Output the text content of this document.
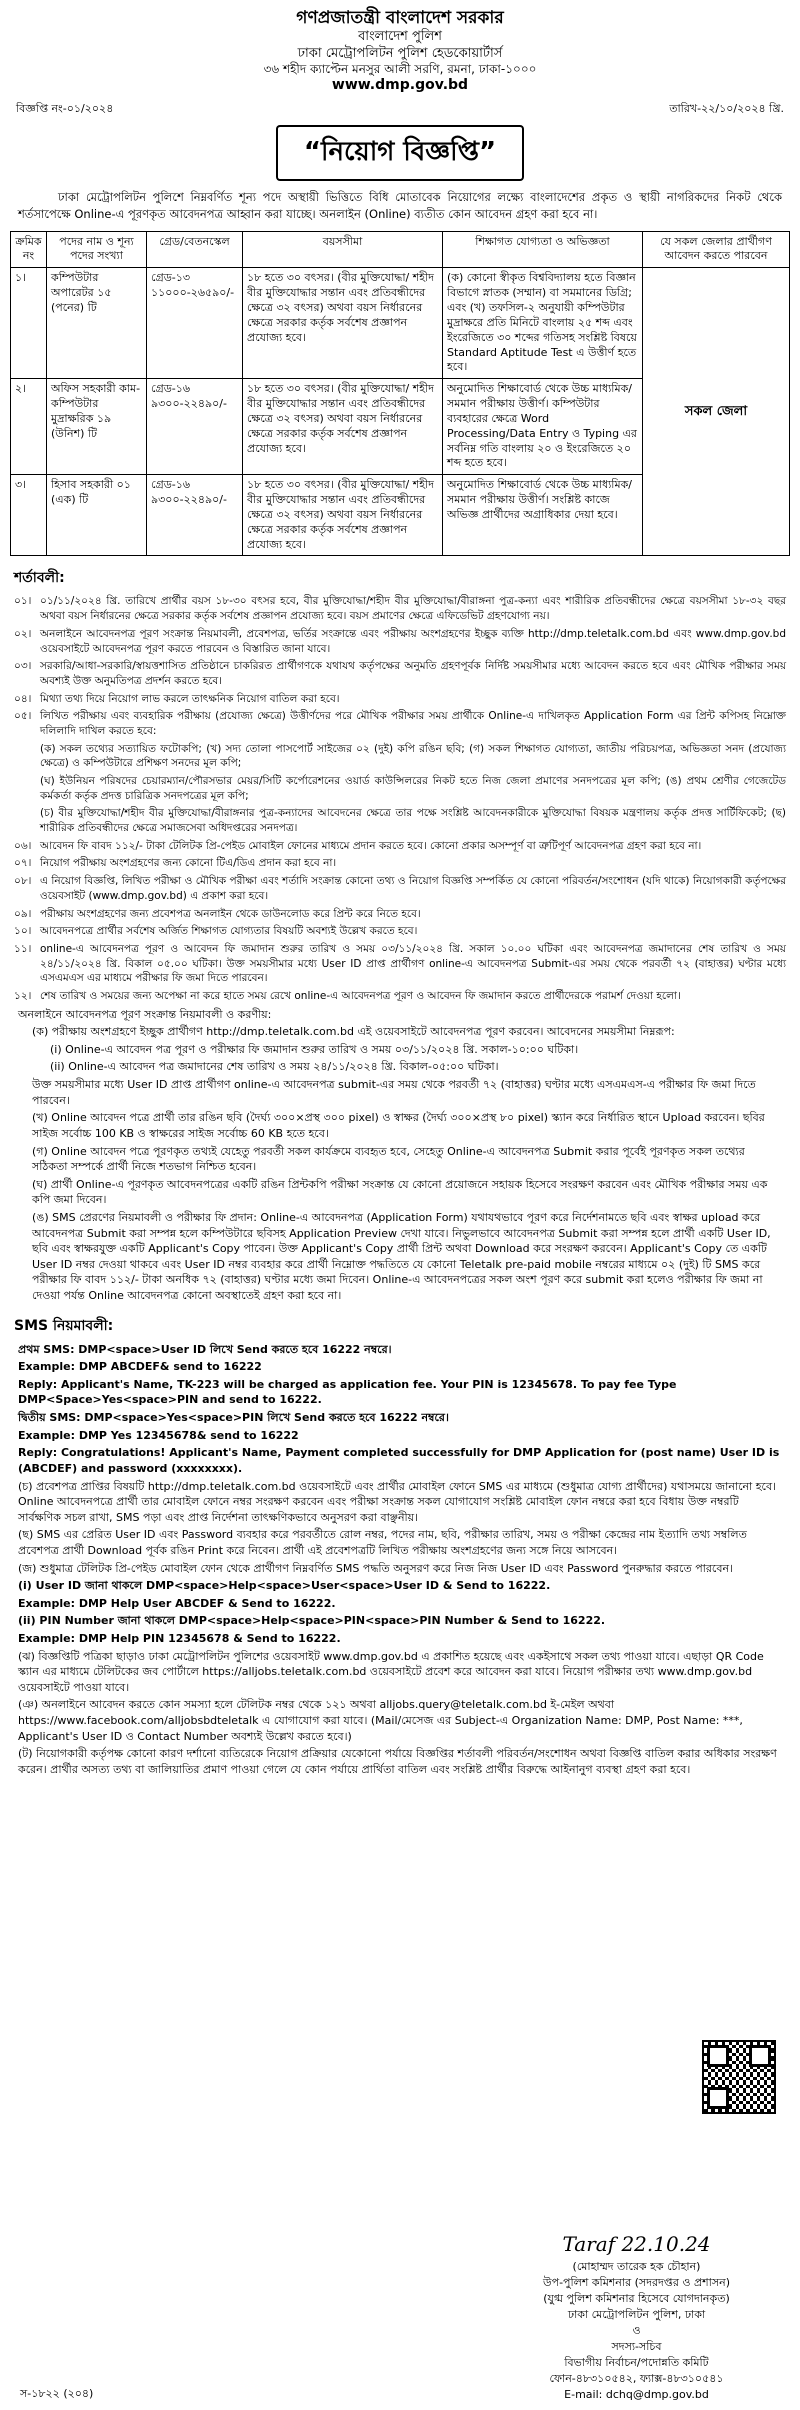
গণপ্রজাতন্ত্রী বাংলাদেশ সরকার
বাংলাদেশ পুলিশ
ঢাকা মেট্রোপলিটন পুলিশ হেডকোয়ার্টার্স
৩৬ শহীদ ক্যাপ্টেন মনসুর আলী সরণি, রমনা, ঢাকা-১০০০
www.dmp.gov.bd
বিজ্ঞপ্তি নং-০১/২০২৪	তারিখ-২২/১০/২০২৪ খ্রি.
“নিয়োগ বিজ্ঞপ্তি”

ঢাকা মেট্রোপলিটন পুলিশে নিম্নবর্ণিত শূন্য পদে অস্থায়ী ভিত্তিতে বিধি মোতাবেক নিয়োগের লক্ষ্যে বাংলাদেশের প্রকৃত ও স্থায়ী নাগরিকদের নিকট থেকে শর্তসাপেক্ষে Online-এ পূরণকৃত আবেদনপত্র আহ্বান করা যাচ্ছে। অনলাইন (Online) ব্যতীত কোন আবেদন গ্রহণ করা হবে না।

ক্রমিক নং	পদের নাম ও শূন্য পদের সংখ্যা	গ্রেড/বেতনস্কেল	বয়সসীমা	শিক্ষাগত যোগ্যতা ও অভিজ্ঞতা	যে সকল জেলার প্রার্থীগণ আবেদন করতে পারবেন
১।	কম্পিউটার অপারেটর ১৫ (পনের) টি	গ্রেড-১৩ ১১০০০-২৬৫৯০/-	১৮ হতে ৩০ বৎসর। (বীর মুক্তিযোদ্ধা/ শহীদ বীর মুক্তিযোদ্ধার সন্তান এবং প্রতিবন্ধীদের ক্ষেত্রে ৩২ বৎসর) অথবা বয়স নির্ধারনের ক্ষেত্রে সরকার কর্তৃক সর্বশেষ প্রজ্ঞাপন প্রযোজ্য হবে।	(ক) কোনো স্বীকৃত বিশ্ববিদ্যালয় হতে বিজ্ঞান বিভাগে স্নাতক (সম্মান) বা সমমানের ডিগ্রি; এবং (খ) তফসিল-২ অনুযায়ী কম্পিউটার মুদ্রাক্ষরে প্রতি মিনিটে বাংলায় ২৫ শব্দ এবং ইংরেজিতে ৩০ শব্দের গতিসহ সংশ্লিষ্ট বিষয়ে Standard Aptitude Test এ উত্তীর্ণ হতে হবে।	সকল জেলা
২।	অফিস সহকারী কাম-কম্পিউটার মুদ্রাক্ষরিক ১৯ (উনিশ) টি	গ্রেড-১৬ ৯৩০০-২২৪৯০/-	১৮ হতে ৩০ বৎসর। (বীর মুক্তিযোদ্ধা/ শহীদ বীর মুক্তিযোদ্ধার সন্তান এবং প্রতিবন্ধীদের ক্ষেত্রে ৩২ বৎসর) অথবা বয়স নির্ধারনের ক্ষেত্রে সরকার কর্তৃক সর্বশেষ প্রজ্ঞাপন প্রযোজ্য হবে।	অনুমোদিত শিক্ষাবোর্ড থেকে উচ্চ মাধ্যমিক/সমমান পরীক্ষায় উত্তীর্ণ। কম্পিউটার ব্যবহারের ক্ষেত্রে Word Processing/Data Entry ও Typing এর সর্বনিম্ন গতি বাংলায় ২০ ও ইংরেজিতে ২০ শব্দ হতে হবে।	
৩।	হিসাব সহকারী ০১ (এক) টি	গ্রেড-১৬ ৯৩০০-২২৪৯০/-	১৮ হতে ৩০ বৎসর। (বীর মুক্তিযোদ্ধা/ শহীদ বীর মুক্তিযোদ্ধার সন্তান এবং প্রতিবন্ধীদের ক্ষেত্রে ৩২ বৎসর) অথবা বয়স নির্ধারনের ক্ষেত্রে সরকার কর্তৃক সর্বশেষ প্রজ্ঞাপন প্রযোজ্য হবে।	অনুমোদিত শিক্ষাবোর্ড থেকে উচ্চ মাধ্যমিক/সমমান পরীক্ষায় উত্তীর্ণ। সংশ্লিষ্ট কাজে অভিজ্ঞ প্রার্থীদের অগ্রাধিকার দেয়া হবে।	
শর্তাবলী:
০১। ০১/১১/২০২৪ খ্রি. তারিখে প্রার্থীর বয়স ১৮-৩০ বৎসর হবে, বীর মুক্তিযোদ্ধা/শহীদ বীর মুক্তিযোদ্ধা/বীরাঙ্গনা পুত্র-কন্যা এবং শারীরিক প্রতিবন্ধীদের ক্ষেত্রে বয়সসীমা ১৮-৩২ বছর অথবা বয়স নির্ধারনের ক্ষেত্রে সরকার কর্তৃক সর্বশেষ প্রজ্ঞাপন প্রযোজ্য হবে। বয়স প্রমাণের ক্ষেত্রে এফিডেভিট গ্রহণযোগ্য নয়।
০২। অনলাইনে আবেদনপত্র পূরণ সংক্রান্ত নিয়মাবলী, প্রবেশপত্র, ভর্তির সংক্রান্তে এবং পরীক্ষায় অংশগ্রহণের ইচ্ছুক ব্যক্তি http://dmp.teletalk.com.bd এবং www.dmp.gov.bd ওয়েবসাইটে আবেদনপত্র পূরণ করতে পারবেন ও বিস্তারিত জানা যাবে।
০৩। সরকারি/আধা-সরকারি/স্বায়ত্তশাসিত প্রতিষ্ঠানে চাকরিরত প্রার্থীগণকে যথাযথ কর্তৃপক্ষের অনুমতি গ্রহণপূর্বক নির্দিষ্ট সময়সীমার মধ্যে আবেদন করতে হবে এবং মৌখিক পরীক্ষার সময় অবশ্যই উক্ত অনুমতিপত্র প্রদর্শন করতে হবে।
০৪। মিথ্যা তথ্য দিয়ে নিয়োগ লাভ করলে তাৎক্ষনিক নিয়োগ বাতিল করা হবে।
০৫। লিখিত পরীক্ষায় এবং ব্যবহারিক পরীক্ষায় (প্রযোজ্য ক্ষেত্রে) উত্তীর্ণদের পরে মৌখিক পরীক্ষার সময় প্রার্থীকে Online-এ দাখিলকৃত Application Form এর প্রিন্ট কপিসহ নিম্নোক্ত দলিলাদি দাখিল করতে হবে:
(ক) সকল তথ্যের সত্যায়িত ফটোকপি; (খ) সদ্য তোলা পাসপোর্ট সাইজের ০২ (দুই) কপি রঙিন ছবি; (গ) সকল শিক্ষাগত যোগ্যতা, জাতীয় পরিচয়পত্র, অভিজ্ঞতা সনদ (প্রযোজ্য ক্ষেত্রে) ও কম্পিউটারে প্রশিক্ষণ সনদের মূল কপি;
(ঘ) ইউনিয়ন পরিষদের চেয়ারম্যান/পৌরসভার মেয়র/সিটি কর্পোরেশনের ওয়ার্ড কাউন্সিলরের নিকট হতে নিজ জেলা প্রমাণের সনদপত্রের মূল কপি; (ঙ) প্রথম শ্রেণীর গেজেটেড কর্মকর্তা কর্তৃক প্রদত্ত চারিত্রিক সনদপত্রের মূল কপি;
(চ) বীর মুক্তিযোদ্ধা/শহীদ বীর মুক্তিযোদ্ধা/বীরাঙ্গনার পুত্র-কন্যাদের আবেদনের ক্ষেত্রে তার পক্ষে সংশ্লিষ্ট আবেদনকারীকে মুক্তিযোদ্ধা বিষয়ক মন্ত্রণালয় কর্তৃক প্রদত্ত সার্টিফিকেট; (ছ) শারীরিক প্রতিবন্ধীদের ক্ষেত্রে সমাজসেবা অধিদপ্তরের সনদপত্র।
০৬। আবেদন ফি বাবদ ১১২/- টাকা টেলিটক প্রি-পেইড মোবাইল ফোনের মাধ্যমে প্রদান করতে হবে। কোনো প্রকার অসম্পূর্ণ বা ত্রুটিপূর্ণ আবেদনপত্র গ্রহণ করা হবে না।
০৭। নিয়োগ পরীক্ষায় অংশগ্রহণের জন্য কোনো টিএ/ডিএ প্রদান করা হবে না।
০৮। এ নিয়োগ বিজ্ঞপ্তি, লিখিত পরীক্ষা ও মৌখিক পরীক্ষা এবং শর্তাদি সংক্রান্ত কোনো তথ্য ও নিয়োগ বিজ্ঞপ্তি সম্পর্কিত যে কোনো পরিবর্তন/সংশোধন (যদি থাকে) নিয়োগকারী কর্তৃপক্ষের ওয়েবসাইট (www.dmp.gov.bd) এ প্রকাশ করা হবে।
০৯। পরীক্ষায় অংশগ্রহণের জন্য প্রবেশপত্র অনলাইন থেকে ডাউনলোড করে প্রিন্ট করে নিতে হবে।
১০। আবেদনপত্রে প্রার্থীর সর্বশেষ অর্জিত শিক্ষাগত যোগ্যতার বিষয়টি অবশ্যই উল্লেখ করতে হবে।
১১। online-এ আবেদনপত্র পূরণ ও আবেদন ফি জমাদান শুরুর তারিখ ও সময় ০৩/১১/২০২৪ খ্রি. সকাল ১০.০০ ঘটিকা এবং আবেদনপত্র জমাদানের শেষ তারিখ ও সময় ২৪/১১/২০২৪ খ্রি. বিকাল ০৫.০০ ঘটিকা। উক্ত সময়সীমার মধ্যে User ID প্রাপ্ত প্রার্থীগণ online-এ আবেদনপত্র Submit-এর সময় থেকে পরবর্তী ৭২ (বাহাত্তর) ঘণ্টার মধ্যে এসএমএস এর মাধ্যমে পরীক্ষার ফি জমা দিতে পারবেন।
১২। শেষ তারিখ ও সময়ের জন্য অপেক্ষা না করে হাতে সময় রেখে online-এ আবেদনপত্র পূরণ ও আবেদন ফি জমাদান করতে প্রার্থীদেরকে পরামর্শ দেওয়া হলো।
অনলাইনে আবেদনপত্র পূরণ সংক্রান্ত নিয়মাবলী ও করণীয়:
(ক) পরীক্ষায় অংশগ্রহণে ইচ্ছুক প্রার্থীগণ http://dmp.teletalk.com.bd এই ওয়েবসাইটে আবেদনপত্র পূরণ করবেন। আবেদনের সময়সীমা নিম্নরূপ:
(i) Online-এ আবেদন পত্র পূরণ ও পরীক্ষার ফি জমাদান শুরুর তারিখ ও সময় ০৩/১১/২০২৪ খ্রি. সকাল-১০:০০ ঘটিকা।
(ii) Online-এ আবেদন পত্র জমাদানের শেষ তারিখ ও সময় ২৪/১১/২০২৪ খ্রি. বিকাল-০৫:০০ ঘটিকা।
উক্ত সময়সীমার মধ্যে User ID প্রাপ্ত প্রার্থীগণ online-এ আবেদনপত্র submit-এর সময় থেকে পরবর্তী ৭২ (বাহাত্তর) ঘণ্টার মধ্যে এসএমএস-এ পরীক্ষার ফি জমা দিতে পারবেন।
(খ) Online আবেদন পত্রে প্রার্থী তার রঙিন ছবি (দৈর্ঘ্য ৩০০×প্রস্থ ৩০০ pixel) ও স্বাক্ষর (দৈর্ঘ্য ৩০০×প্রস্থ ৮০ pixel) স্ক্যান করে নির্ধারিত স্থানে Upload করবেন। ছবির সাইজ সর্বোচ্চ 100 KB ও স্বাক্ষরের সাইজ সর্বোচ্চ 60 KB হতে হবে।
(গ) Online আবেদন পত্রে পূরণকৃত তথ্যই যেহেতু পরবর্তী সকল কার্যক্রমে ব্যবহৃত হবে, সেহেতু Online-এ আবেদনপত্র Submit করার পূর্বেই পূরণকৃত সকল তথ্যের সঠিকতা সম্পর্কে প্রার্থী নিজে শতভাগ নিশ্চিত হবেন।
(ঘ) প্রার্থী Online-এ পূরণকৃত আবেদনপত্রের একটি রঙিন প্রিন্টকপি পরীক্ষা সংক্রান্ত যে কোনো প্রয়োজনে সহায়ক হিসেবে সংরক্ষণ করবেন এবং মৌখিক পরীক্ষার সময় এক কপি জমা দিবেন।
(ঙ) SMS প্রেরণের নিয়মাবলী ও পরীক্ষার ফি প্রদান: Online-এ আবেদনপত্র (Application Form) যথাযথভাবে পূরণ করে নির্দেশনামতে ছবি এবং স্বাক্ষর upload করে আবেদনপত্র Submit করা সম্পন্ন হলে কম্পিউটারে ছবিসহ Application Preview দেখা যাবে। নিভুলভাবে আবেদনপত্র Submit করা সম্পন্ন হলে প্রার্থী একটি User ID, ছবি এবং স্বাক্ষরযুক্ত একটি Applicant's Copy পাবেন। উক্ত Applicant's Copy প্রার্থী প্রিন্ট অথবা Download করে সংরক্ষণ করবেন। Applicant's Copy তে একটি User ID নম্বর দেওয়া থাকবে এবং User ID নম্বর ব্যবহার করে প্রার্থী নিম্নোক্ত পদ্ধতিতে যে কোনো Teletalk pre-paid mobile নম্বরের মাধ্যমে ০২ (দুই) টি SMS করে পরীক্ষার ফি বাবদ ১১২/- টাকা অনধিক ৭২ (বাহাত্তর) ঘণ্টার মধ্যে জমা দিবেন। Online-এ আবেদনপত্রের সকল অংশ পূরণ করে submit করা হলেও পরীক্ষার ফি জমা না দেওয়া পর্যন্ত Online আবেদনপত্র কোনো অবস্থাতেই গ্রহণ করা হবে না।
SMS নিয়মাবলী:
প্রথম SMS: DMP<space>User ID লিখে Send করতে হবে 16222 নম্বরে।
Example: DMP ABCDEF& send to 16222
Reply: Applicant's Name, TK-223 will be charged as application fee. Your PIN is 12345678. To pay fee Type DMP<Space>Yes<space>PIN and send to 16222.
দ্বিতীয় SMS: DMP<space>Yes<space>PIN লিখে Send করতে হবে 16222 নম্বরে।
Example: DMP Yes 12345678& send to 16222
Reply: Congratulations! Applicant's Name, Payment completed successfully for DMP Application for (post name) User ID is (ABCDEF) and password (xxxxxxxx).
(চ) প্রবেশপত্র প্রাপ্তির বিষয়টি http://dmp.teletalk.com.bd ওয়েবসাইটে এবং প্রার্থীর মোবাইল ফোনে SMS এর মাধ্যমে (শুধুমাত্র যোগ্য প্রার্থীদের) যথাসময়ে জানানো হবে। Online আবেদনপত্রে প্রার্থী তার মোবাইল ফোনে নম্বর সংরক্ষণ করবেন এবং পরীক্ষা সংক্রান্ত সকল যোগাযোগ সংশ্লিষ্ট মোবাইল ফোন নম্বরে করা হবে বিধায় উক্ত নম্বরটি সার্বক্ষণিক সচল রাখা, SMS পড়া এবং প্রাপ্ত নির্দেশনা তাৎক্ষণিকভাবে অনুসরণ করা বাঞ্ছনীয়।
(ছ) SMS এর প্রেরিত User ID এবং Password ব্যবহার করে পরবর্তীতে রোল নম্বর, পদের নাম, ছবি, পরীক্ষার তারিখ, সময় ও পরীক্ষা কেন্দ্রের নাম ইত্যাদি তথ্য সম্বলিত প্রবেশপত্র প্রার্থী Download পূর্বক রঙিন Print করে নিবেন। প্রার্থী এই প্রবেশপত্রটি লিখিত পরীক্ষায় অংশগ্রহণের জন্য সঙ্গে নিয়ে আসবেন।
(জ) শুধুমাত্র টেলিটক প্রি-পেইড মোবাইল ফোন থেকে প্রার্থীগণ নিম্নবর্ণিত SMS পদ্ধতি অনুসরণ করে নিজ নিজ User ID এবং Password পুনরুদ্ধার করতে পারবেন।
(i) User ID জানা থাকলে DMP<space>Help<space>User<space>User ID & Send to 16222.
Example: DMP Help User ABCDEF & Send to 16222.
(ii) PIN Number জানা থাকলে DMP<space>Help<space>PIN<space>PIN Number & Send to 16222.
Example: DMP Help PIN 12345678 & Send to 16222.
(ঝ) বিজ্ঞপ্তিটি পত্রিকা ছাড়াও ঢাকা মেট্রোপলিটন পুলিশের ওয়েবসাইট www.dmp.gov.bd এ প্রকাশিত হয়েছে এবং একইসাথে সকল তথ্য পাওয়া যাবে। এছাড়া QR Code স্ক্যান এর মাধ্যমে টেলিটকের জব পোর্টালে https://alljobs.teletalk.com.bd ওয়েবসাইটে প্রবেশ করে আবেদন করা যাবে। নিয়োগ পরীক্ষার তথ্য www.dmp.gov.bd ওয়েবসাইটে পাওয়া যাবে।
(ঞ) অনলাইনে আবেদন করতে কোন সমস্যা হলে টেলিটক নম্বর থেকে ১২১ অথবা alljobs.query@teletalk.com.bd ই-মেইল অথবা https://www.facebook.com/alljobsbdteletalk এ যোগাযোগ করা যাবে। (Mail/মেসেজ এর Subject-এ Organization Name: DMP, Post Name: ***, Applicant's User ID ও Contact Number অবশ্যই উল্লেখ করতে হবে।)
(ট) নিয়োগকারী কর্তৃপক্ষ কোনো কারণ দর্শানো ব্যতিরেকে নিয়োগ প্রক্রিয়ার যেকোনো পর্যায়ে বিজ্ঞপ্তির শর্তাবলী পরিবর্তন/সংশোধন অথবা বিজ্ঞপ্তি বাতিল করার অধিকার সংরক্ষণ করেন। প্রার্থীর অসত্য তথ্য বা জালিয়াতির প্রমাণ পাওয়া গেলে যে কোন পর্যায়ে প্রার্থিতা বাতিল এবং সংশ্লিষ্ট প্রার্থীর বিরুদ্ধে আইনানুগ ব্যবস্থা গ্রহণ করা হবে।
Taraf 22.10.24
(মোহাম্মদ তারেক হক চৌহান)
উপ-পুলিশ কমিশনার (সদরদপ্তর ও প্রশাসন)
(যুগ্ম পুলিশ কমিশনার হিসেবে যোগদানকৃত)
ঢাকা মেট্রোপলিটন পুলিশ, ঢাকা
ও
সদস্য-সচিব
বিভাগীয় নির্বাচন/পদোন্নতি কমিটি
ফোন-৪৮৩১০৫৪২, ফ্যাক্স-৪৮৩১০৫৪১
E-mail: dchq@dmp.gov.bd
স-১৮২২ (২০৪)
